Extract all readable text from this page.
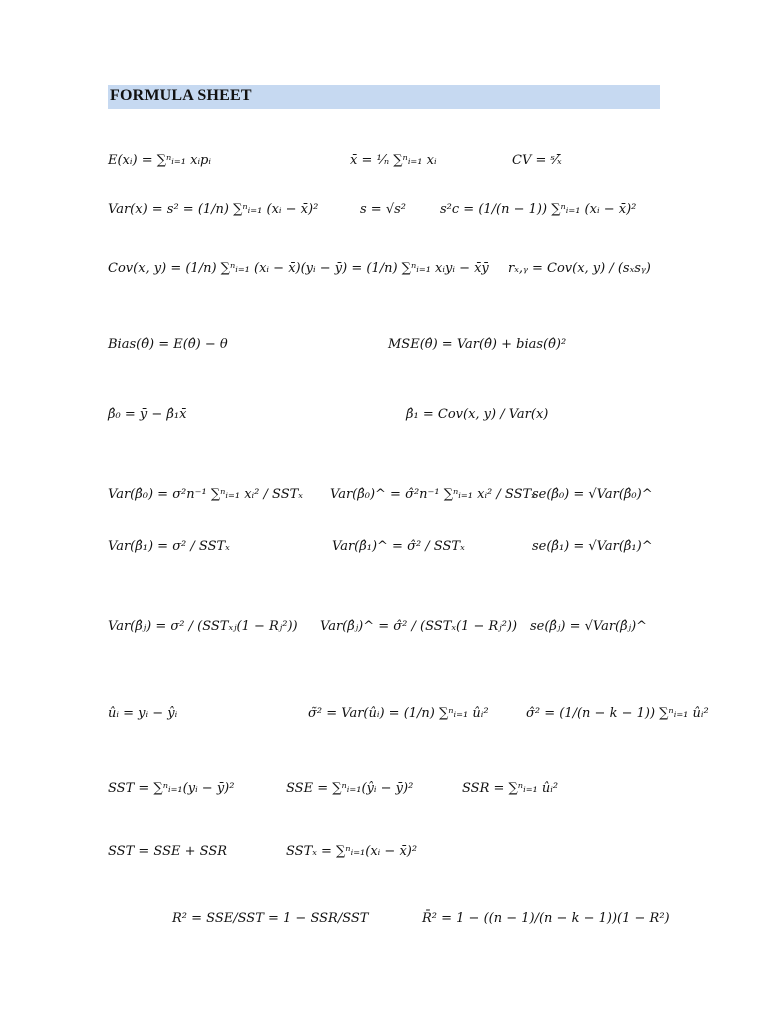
FORMULA SHEET
E(xᵢ) = ∑ⁿᵢ₌₁ xᵢpᵢ	x̄ = ¹⁄ₙ ∑ⁿᵢ₌₁ xᵢ	CV = ˢ⁄ₓ̄
Var(x) = s² = (1/n) ∑ⁿᵢ₌₁ (xᵢ − x̄)²	s = √s²	s²c = (1/(n − 1)) ∑ⁿᵢ₌₁ (xᵢ − x̄)²
Cov(x, y) = (1/n) ∑ⁿᵢ₌₁ (xᵢ − x̄)(yᵢ − ȳ) = (1/n) ∑ⁿᵢ₌₁ xᵢyᵢ − x̄ȳ rₓ,ᵧ = Cov(x, y) / (sₓsᵧ)
Bias(θ̂) = E(θ̂) − θ	MSE(θ̂) = Var(θ̂) + bias(θ̂)²
β̂₀ = ȳ − β̂₁x̄	β̂₁ = Cov(x, y) / Var(x)
Var(β̂₀) = σ²n⁻¹ ∑ⁿᵢ₌₁ xᵢ² / SSTₓ Var(β̂₀)^ = σ̂²n⁻¹ ∑ⁿᵢ₌₁ xᵢ² / SSTₓ
se(β̂₀) = √Var(β̂₀)^
Var(β̂₁) = σ² / SSTₓ	Var(β̂₁)^ = σ̂² / SSTₓ	se(β̂₁) = √Var(β̂₁)^
Var(β̂ⱼ) = σ² / (SSTₓⱼ(1 − Rⱼ²)) Var(β̂ⱼ)^ = σ̂² / (SSTₓ(1 − Rⱼ²)) se(β̂ⱼ) = √Var(β̂ⱼ)^
ûᵢ = yᵢ − ŷᵢ	σ̃² = Var(ûᵢ) = (1/n) ∑ⁿᵢ₌₁ ûᵢ²	σ̂² = (1/(n − k − 1)) ∑ⁿᵢ₌₁ ûᵢ²
SST = ∑ⁿᵢ₌₁(yᵢ − ȳ)²	SSE = ∑ⁿᵢ₌₁(ŷᵢ − ȳ)²	SSR = ∑ⁿᵢ₌₁ ûᵢ²
SST = SSE + SSR	SSTₓ = ∑ⁿᵢ₌₁(xᵢ − x̄)²
R² = SSE/SST = 1 − SSR/SST	R̄² = 1 − ((n − 1)/(n − k − 1))(1 − R²)
